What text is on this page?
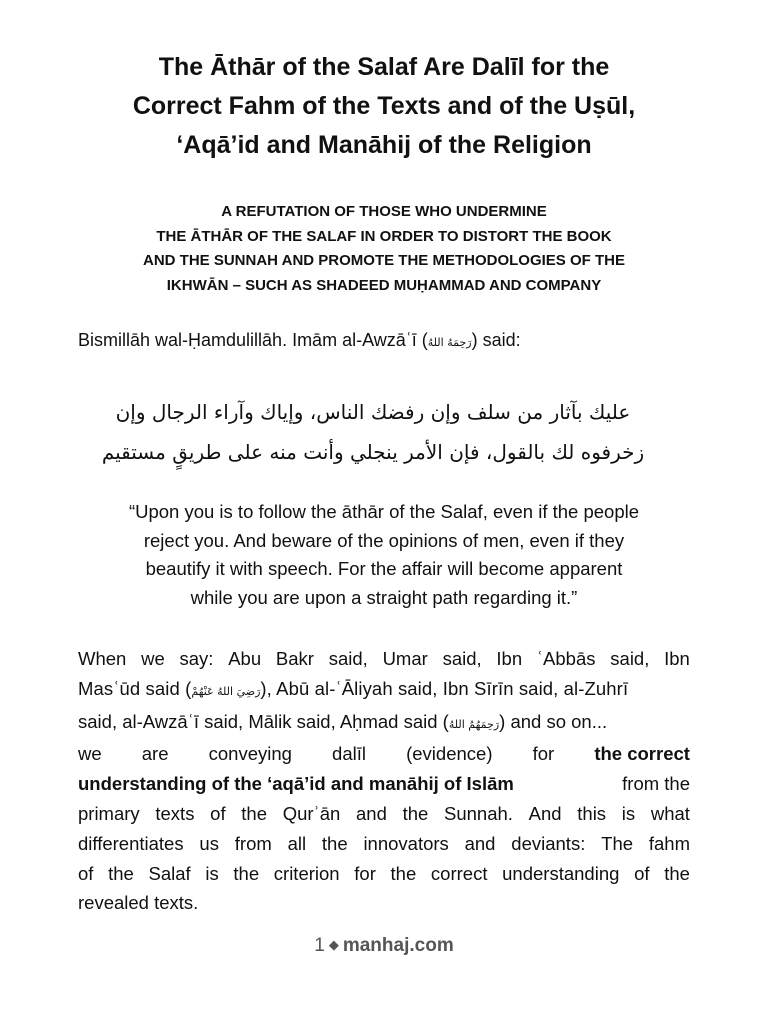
The Āthār of the Salaf Are Dalīl for the
Correct Fahm of the Texts and of the Uṣūl,
‘Aqā’id and Manāhij of the Religion
A REFUTATION OF THOSE WHO UNDERMINE
THE ĀTHĀR OF THE SALAF IN ORDER TO DISTORT THE BOOK
AND THE SUNNAH AND PROMOTE THE METHODOLOGIES OF THE
IKHWĀN – SUCH AS SHADEED MUḤAMMAD AND COMPANY
Bismillāh wal-Ḥamdulillāh. Imām al-Awzāʿī (رَحِمَهُ اللهُ) said:
عليك بآثار من سلف وإن رفضك الناس، وإياك وآراء الرجال وإن
زخرفوه لك بالقول، فإن الأمر ينجلي وأنت منه على طريقٍ مستقيم
“Upon you is to follow the āthār of the Salaf, even if the people
reject you. And beware of the opinions of men, even if they
beautify it with speech. For the affair will become apparent
while you are upon a straight path regarding it.”
When we say: Abu Bakr said, Umar said, Ibn ʿAbbās said, Ibn
Masʿūd said (رَضِيَ اللهُ عَنْهُمْ), Abū al-ʿĀliyah said, Ibn Sīrīn said, al-Zuhrī
said, al-Awzāʿī said, Mālik said, Aḥmad said (رَحِمَهُمُ اللهُ) and so on...
we are conveying dalīl (evidence) for the correct
understanding of the ‘aqā’id and manāhij of Islām	from the
primary texts of the Qurʾān and the Sunnah. And this is what
differentiates us from all the innovators and deviants: The fahm
of the Salaf is the criterion for the correct understanding of the
revealed texts.
1 ◆ manhaj.com
